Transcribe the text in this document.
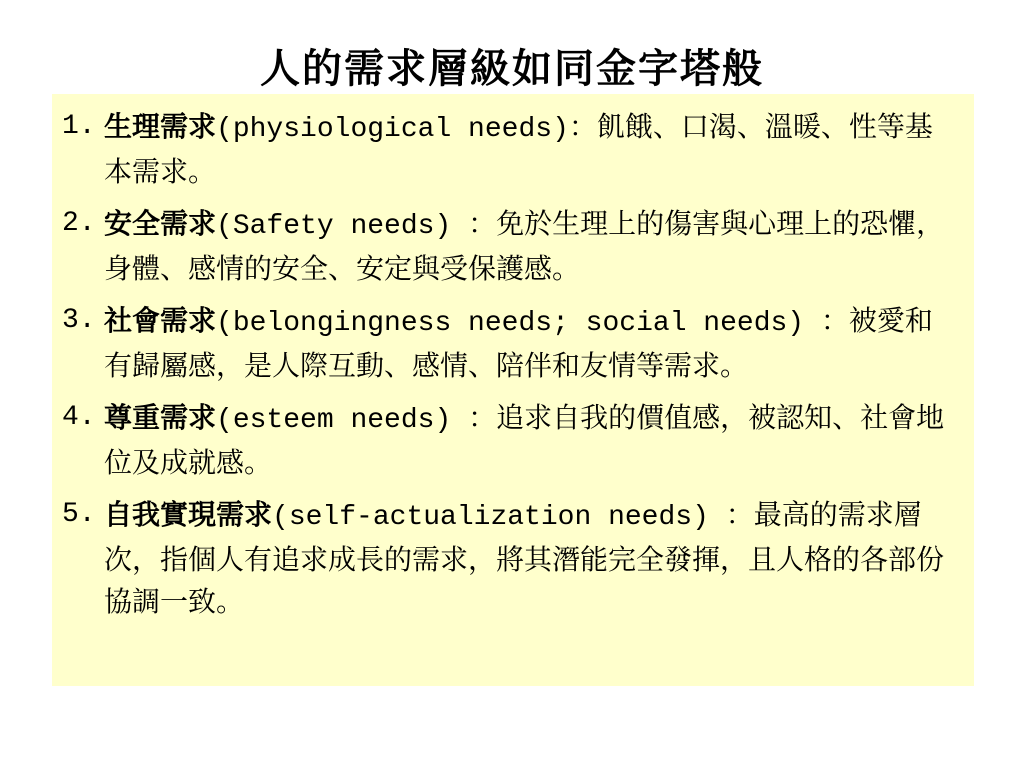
人的需求層級如同金字塔般
1. 生理需求(physiological needs)：飢餓、口渴、溫暖、性等基本需求。
2. 安全需求(Safety needs) ：免於生理上的傷害與心理上的恐懼，身體、感情的安全、安定與受保護感。
3. 社會需求(belongingness needs; social needs) ：被愛和有歸屬感，是人際互動、感情、陪伴和友情等需求。
4. 尊重需求(esteem needs) ：追求自我的價值感，被認知、社會地位及成就感。
5. 自我實現需求(self-actualization needs) ：最高的需求層次，指個人有追求成長的需求，將其潛能完全發揮，且人格的各部份協調一致。
